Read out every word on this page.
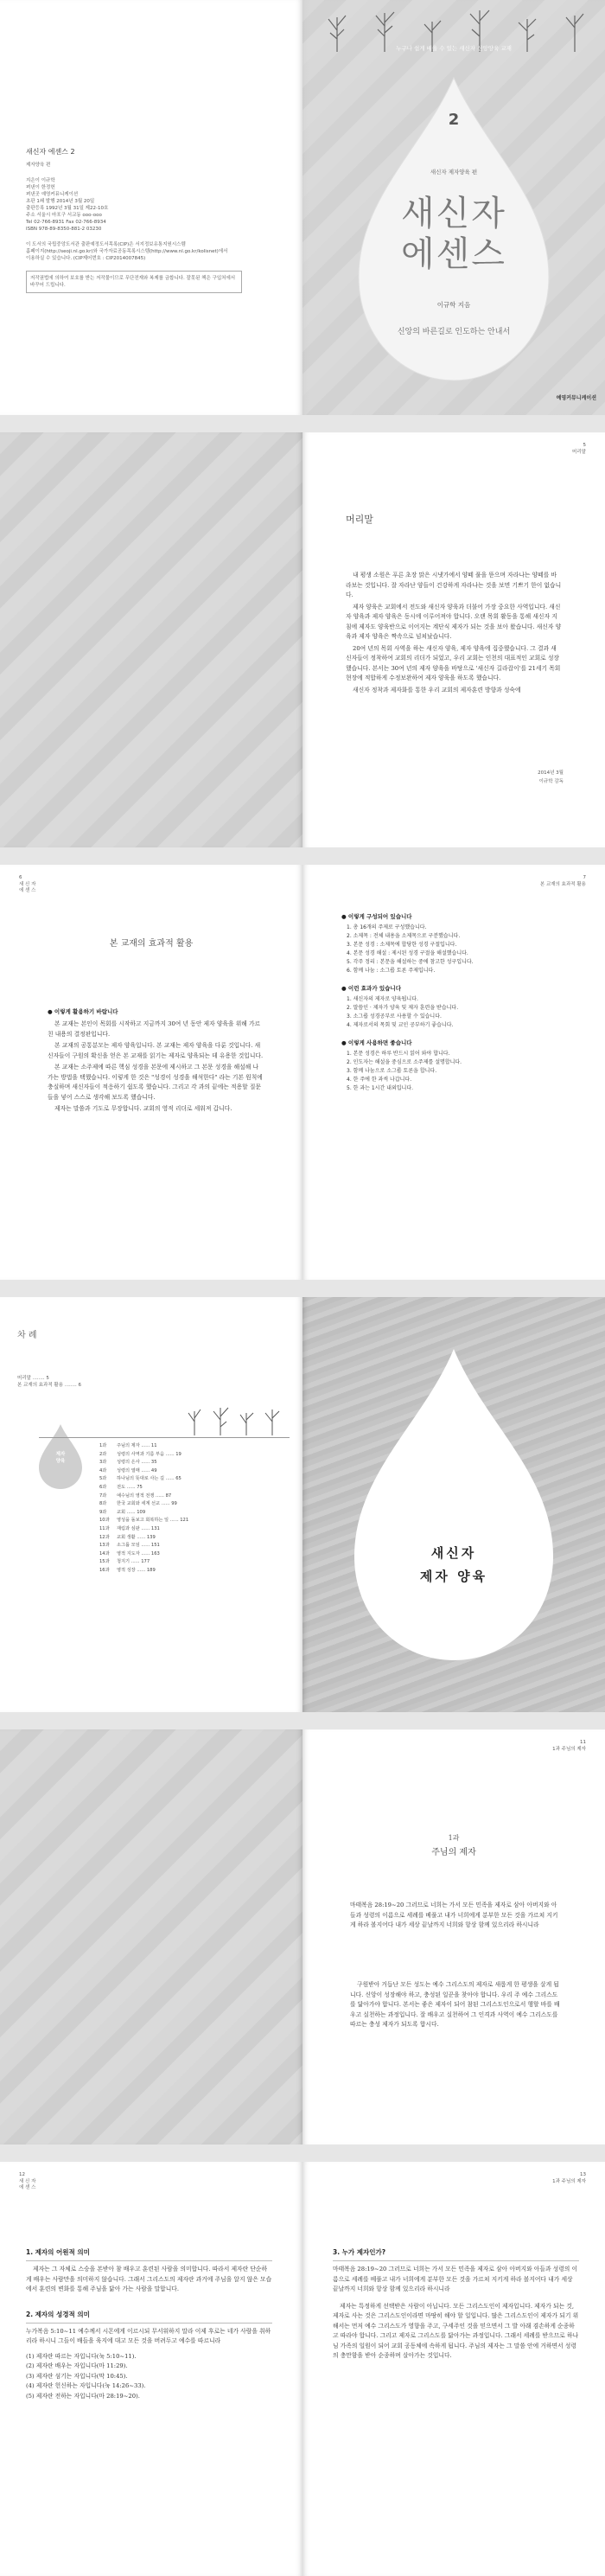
새신자 에센스 2
제자양육 편
지은이 이규학
펴낸이 한정헌
펴낸곳 예영커뮤니케이션
초판 1쇄 발행 2014년 3월 20일
출판등록 1992년 3월 31일 제22-10호
주소 서울시 마포구 서교동 ooo-ooo
Tel 02-766-8931 Fax 02-766-8934
ISBN 978-89-8350-881-2 03230
이 도서의 국립중앙도서관 출판예정도서목록(CIP)은 서지정보유통지원시스템
홈페이지(http://seoji.nl.go.kr)와 국가자료공동목록시스템(http://www.nl.go.kr/kolisnet)에서
이용하실 수 있습니다. (CIP제어번호 : CIP2014007845)
저작권법에 의하여 보호를 받는 저작물이므로 무단전재와 복제를 금합니다. 잘못된 책은 구입처에서 바꾸어 드립니다.
누구나 쉽게 배울 수 있는 새신자 신앙양육 교재
2
새신자 제자양육 편
새신자
에센스
이규학 지음
신앙의 바른길로 인도하는 안내서
예영커뮤니케이션
5
머리말
머리말
내 평생 소원은 푸른 초장 맑은 시냇가에서 양떼 풀을 뜯으며 자라나는 양떼를 바라보는 것입니다. 잘 자라난 양들이 건강하게 자라나는 것을 보면 기쁘기 한이 없습니다.
제자 양육은 교회에서 전도와 새신자 양육과 더불어 가장 중요한 사역입니다. 새신자 양육과 제자 양육은 동시에 이루어져야 합니다. 오랜 목회 활동을 통해 새신자 지침에 제자도 양육반으로 이어지는 계단식 제자가 되는 것을 보아 왔습니다. 새신자 양육과 제자 양육은 짝속으로 넘쳐났습니다.
20여 년의 목회 사역을 하는 새신자 양육, 제자 양육에 집중했습니다. 그 결과 새신자들이 정착하여 교회의 리더가 되었고, 우리 교회는 인천의 대표적인 교회로 성장했습니다. 본서는 30여 년의 제자 양육을 바탕으로 '새신자 길라잡이'를 21세기 목회 현장에 적합하게 수정보완하여 제자 양육을 하도록 했습니다.
새신자 정착과 제자화를 통한 우리 교회의 제자훈련 방향과 성숙에
2014년 3월
이규학 감독
6
새 신 자
에 센 스
본 교재의 효과적 활용
● 이렇게 활용하기 바랍니다

본 교재는 본인이 목회를 시작하고 지금까지 30여 년 동안 제자 양육을 위해 가르친 내용의 결정판입니다.

본 교재의 공통분모는 제자 양육입니다. 본 교재는 제자 양육을 다룬 것입니다. 새신자들이 구원의 확신을 얻은 본 교재를 읽기는 제자로 양육되는 데 유용한 것입니다.

본 교재는 소주제에 따른 핵심 성경을 본문에 제시하고 그 본문 성경을 해설해 나가는 방법을 택했습니다. 이렇게 한 것은 "성경이 성경을 해석한다" 라는 기본 원칙에 충실하며 새신자들이 적응하기 쉽도록 했습니다. 그리고 각 과의 끝에는 적용할 질문들을 넣어 스스로 생각해 보도록 했습니다.

제자는 말씀과 기도로 무장합니다. 교회의 영적 리더로 세워져 갑니다.

7
본 교재의 효과적 활용
● 이렇게 구성되어 있습니다
1. 총 16개의 주제로 구성했습니다.
2. 소제목 : 전체 내용을 소제목으로 구분했습니다.
3. 본문 성경 : 소제목에 합당한 성경 구절입니다.
4. 본문 성경 해설 : 제시된 성경 구절을 해설했습니다.
5. 각주 정리 : 본문을 해설하는 중에 참고한 성구입니다.
6. 함께 나눔 : 소그룹 토론 주제입니다.
● 이런 효과가 있습니다
1. 새신자의 제자로 양육됩니다.
2. 말씀인 · 제자가 양육 및 제자 훈련을 받습니다.
3. 소그룹 성경공부로 사용할 수 있습니다.
4. 제자로서의 목회 및 교인 공부하기 좋습니다.
● 이렇게 사용하면 좋습니다
1. 본문 성경은 하루 반드시 읽어 와야 합니다.
2. 인도자는 해설을 중심으로 소주제를 설명합니다.
3. 함께 나눔으로 소그룹 토론을 합니다.
4. 한 주에 한 과씩 나갑니다.
5. 한 과는 1시간 내외입니다.
차 례
머리말 ........ 5
본 교재의 효과적 활용 ........ 6
제자
양육
1과	주님의 제자 ...... 11
2과	성령의 사역과 기름 부음 ...... 19
3과	성령의 은사 ...... 35
4과	성령의 열매 ...... 49
5과	하나님의 뜻대로 사는 길 ...... 65
6과	전도 ...... 75
7과	예수님의 영적 전쟁 ...... 87
8과	한국 교회와 세계 선교 ...... 99
9과	교회 ...... 109
10과	영성을 돌보고 회복하는 일 ...... 121
11과	재림과 심판 ...... 131
12과	교회 생활 ...... 139
13과	소그룹 모임 ...... 151
14과	영적 지도자 ...... 163
15과	청지기 ...... 177
16과	영적 성장 ...... 189
새신자
제자 양육
11
1과 주님의 제자
1과
주님의 제자

마태복음 28:19~20 그러므로 너희는 가서 모든 민족을 제자로 삼아 아버지와 아들과 성령의 이름으로 세례를 베풀고 내가 너희에게 분부한 모든 것을 가르쳐 지키게 하라 볼지어다 내가 세상 끝날까지 너희와 항상 함께 있으리라 하시니라

구원받아 거듭난 모든 성도는 예수 그리스도의 제자로 새롭게 한 평생을 살게 됩니다. 신앙이 성장해야 하고, 충성된 일꾼을 찾아야 합니다. 우리 주 예수 그리스도를 닮아가야 합니다. 본서는 좋은 제자이 되어 참된 그리스도인으로서 행할 바를 배우고 실천하는 과정입니다. 잘 배우고 실천하여 그 인격과 사역이 예수 그리스도를 따르는 충성 제자가 되도록 합시다.

12
새 신 자
에 센 스
1. 제자의 어원적 의미

제자는 그 자체로 스승을 본받아 참 배우고 훈련된 사람을 의미합니다. 따라서 제자란 단순하게 배우는 사람만을 의미하지 않습니다. 그래서 그리스도의 제자란 과거에 주님을 알지 않은 모습에서 훈련의 변화를 통해 주님을 닮아 가는 사람을 말합니다.

2. 제자의 성경적 의미

누가복음 5:10~11 예수께서 시몬에게 이르시되 무서워하지 말라 이제 후로는 네가 사람을 취하리라 하시니 그들이 배들을 육지에 대고 모든 것을 버려두고 예수를 따르니라

(1) 제자란 따르는 자입니다(눅 5:10~11).
(2) 제자란 배우는 자입니다(마 11:29).
(3) 제자란 섬기는 자입니다(막 10:45).
(4) 제자란 헌신하는 자입니다(눅 14:26~33).
(5) 제자란 전하는 자입니다(마 28:19~20).
13
1과 주님의 제자
3. 누가 제자인가?

마태복음 28:19~20 그러므로 너희는 가서 모든 민족을 제자로 삼아 아버지와 아들과 성령의 이름으로 세례를 베풀고 내가 너희에게 분부한 모든 것을 가르쳐 지키게 하라 볼지어다 내가 세상 끝날까지 너희와 항상 함께 있으리라 하시니라

제자는 특정하게 선택받은 사람이 아닙니다. 모든 그리스도인이 제자입니다. 제자가 되는 것, 제자로 사는 것은 그리스도인이라면 마땅히 해야 할 일입니다. 많은 그리스도인이 제자가 되기 위해서는 먼저 예수 그리스도가 영향을 주고, 구세주인 것을 믿으면서 그 발 아래 겸손하게 순종하고 따라야 합니다. 그리고 제자로 그리스도를 닮아가는 과정입니다. 그래서 세례를 받으므로 하나님 가족의 일원이 되어 교회 공동체에 속하게 됩니다. 주님의 제자는 그 말씀 안에 거하면서 성령의 충만함을 받아 순종하며 살아가는 것입니다.
